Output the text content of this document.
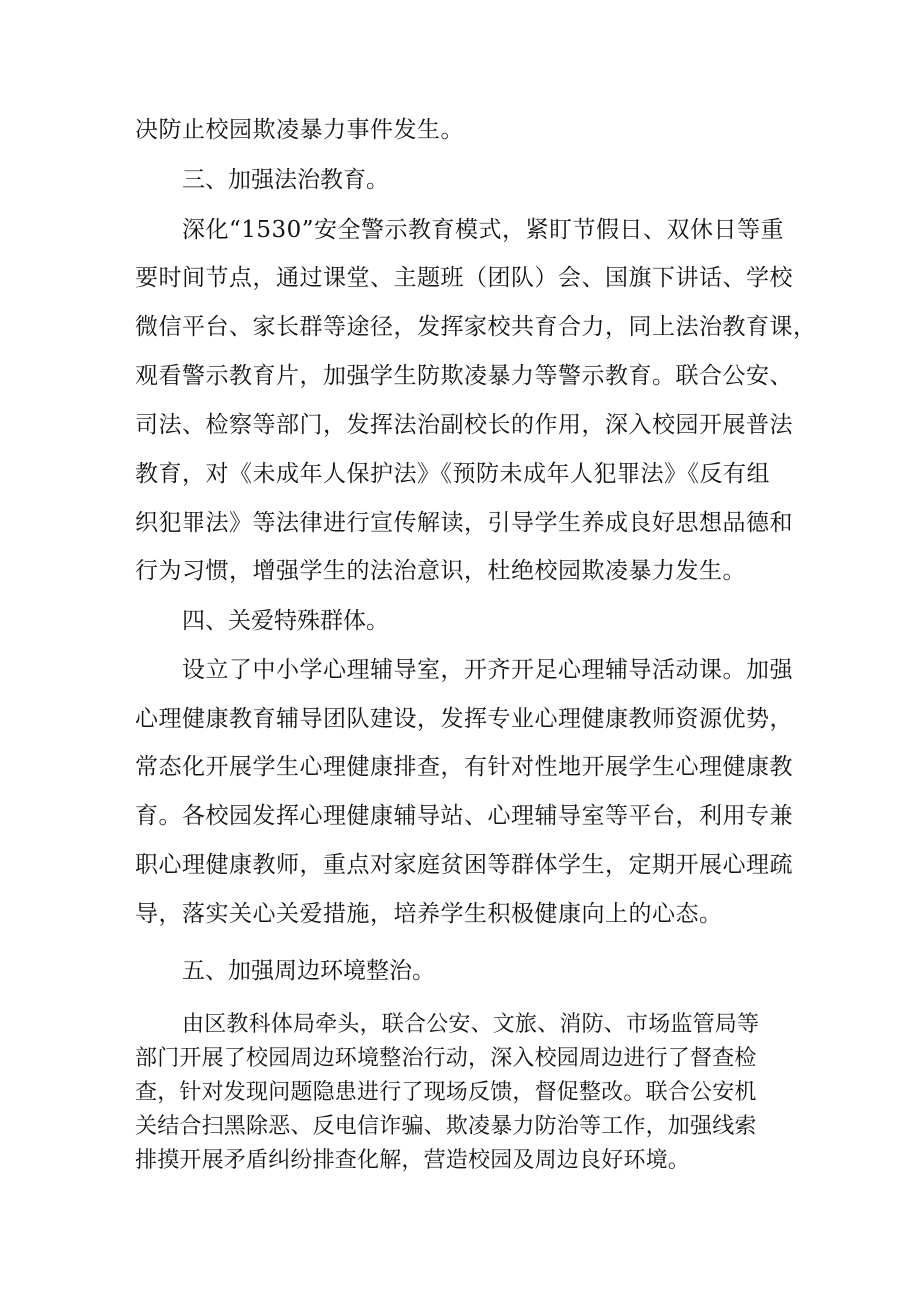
决防止校园欺凌暴力事件发生。
三、加强法治教育。
深化“1530”安全警示教育模式，紧盯节假日、双休日等重
要时间节点，通过课堂、主题班（团队）会、国旗下讲话、学校
微信平台、家长群等途径，发挥家校共育合力，同上法治教育课，
观看警示教育片，加强学生防欺凌暴力等警示教育。联合公安、
司法、检察等部门，发挥法治副校长的作用，深入校园开展普法
教育，对《未成年人保护法》《预防未成年人犯罪法》《反有组
织犯罪法》等法律进行宣传解读，引导学生养成良好思想品德和
行为习惯，增强学生的法治意识，杜绝校园欺凌暴力发生。
四、关爱特殊群体。
设立了中小学心理辅导室，开齐开足心理辅导活动课。加强
心理健康教育辅导团队建设，发挥专业心理健康教师资源优势，
常态化开展学生心理健康排查，有针对性地开展学生心理健康教
育。各校园发挥心理健康辅导站、心理辅导室等平台，利用专兼
职心理健康教师，重点对家庭贫困等群体学生，定期开展心理疏
导，落实关心关爱措施，培养学生积极健康向上的心态。
五、加强周边环境整治。
由区教科体局牵头，联合公安、文旅、消防、市场监管局等
部门开展了校园周边环境整治行动，深入校园周边进行了督查检
查，针对发现问题隐患进行了现场反馈，督促整改。联合公安机
关结合扫黑除恶、反电信诈骗、欺凌暴力防治等工作，加强线索
排摸开展矛盾纠纷排查化解，营造校园及周边良好环境。
